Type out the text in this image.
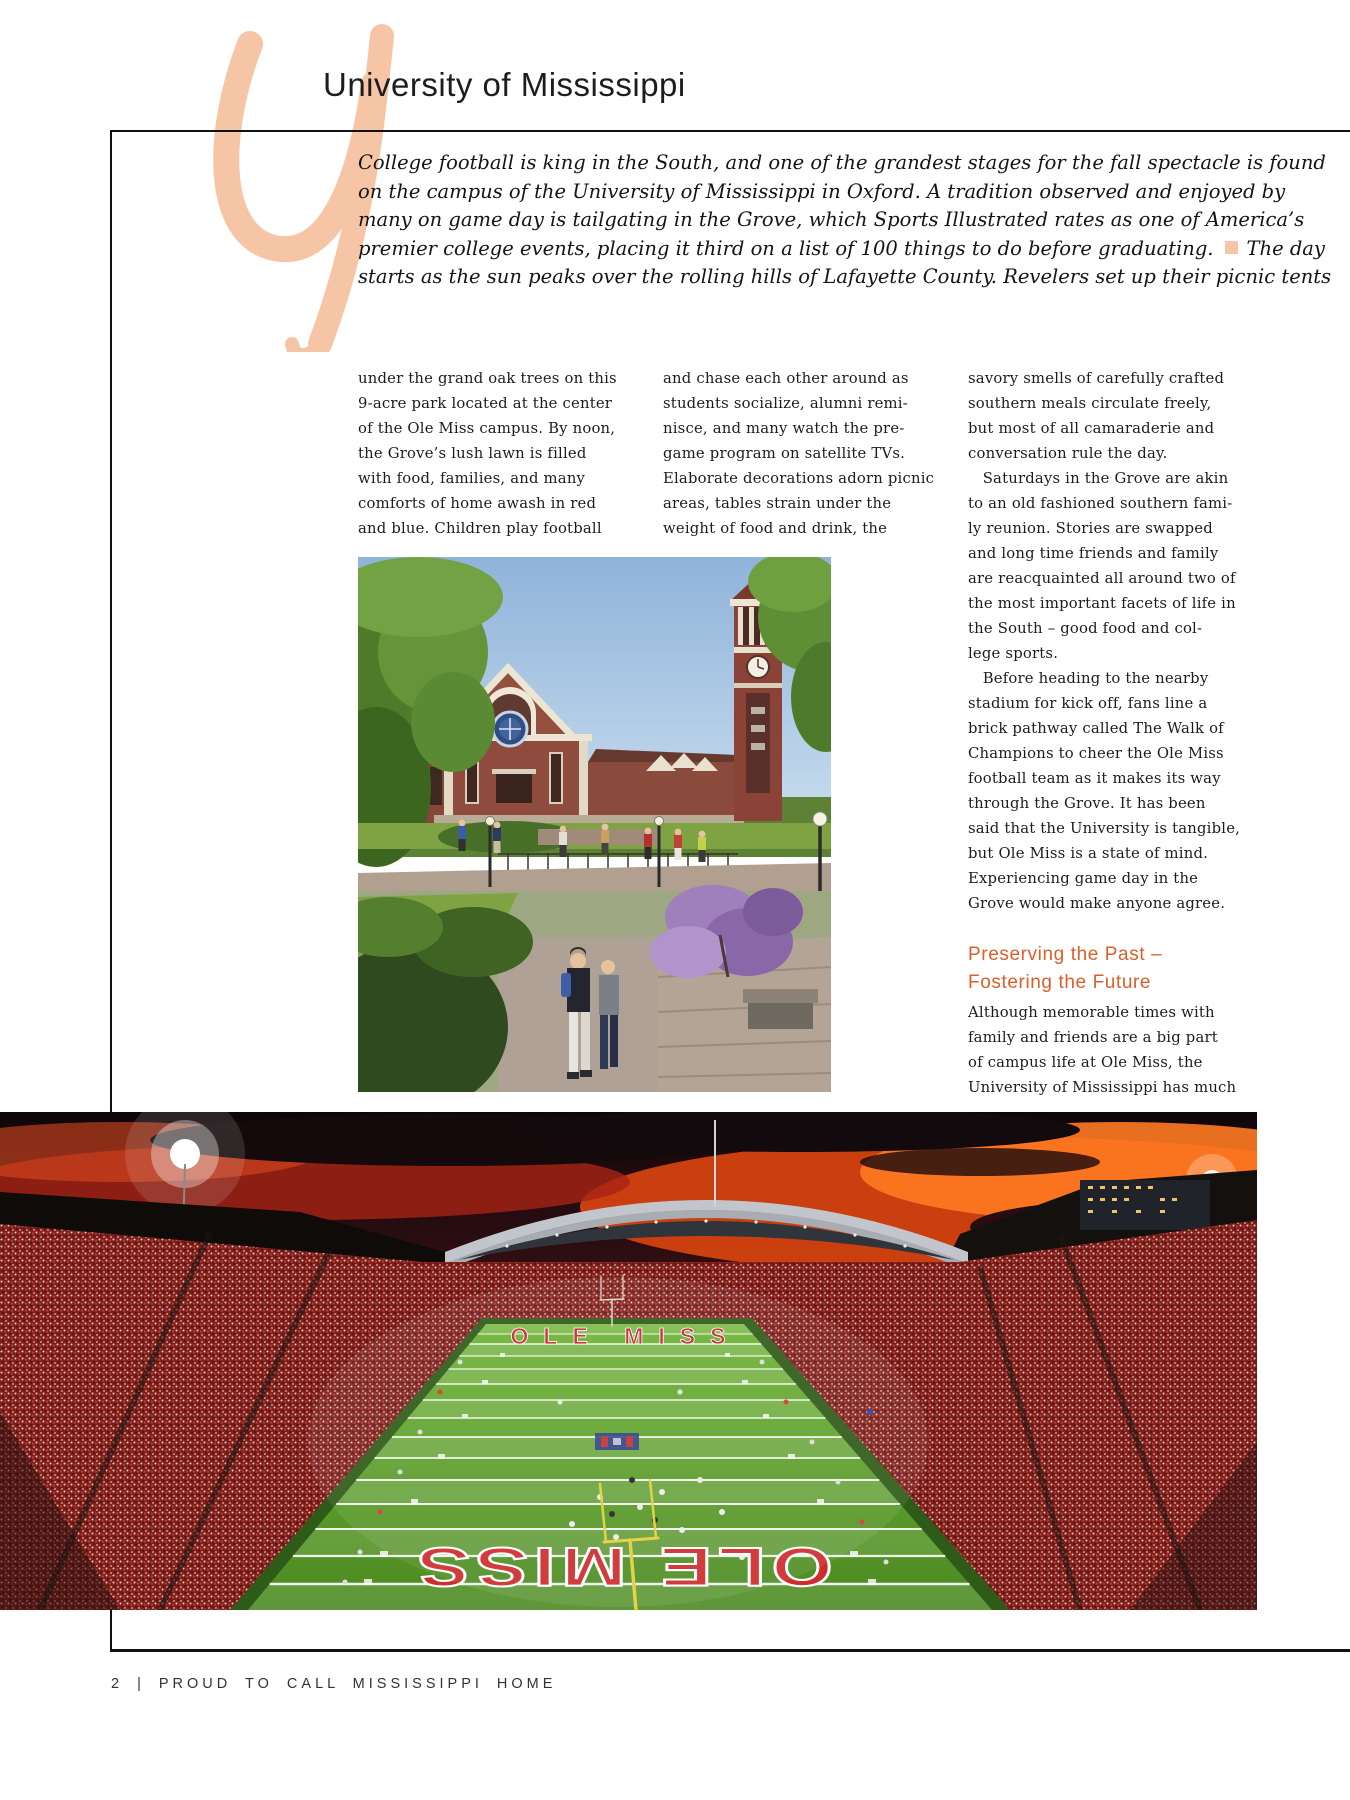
University of Mississippi
College football is king in the South, and one of the grandest stages for the fall spectacle is found
on the campus of the University of Mississippi in Oxford. A tradition observed and enjoyed by
many on game day is tailgating in the Grove, which Sports Illustrated rates as one of America’s
premier college events, placing it third on a list of 100 things to do before graduating. The day
starts as the sun peaks over the rolling hills of Lafayette County. Revelers set up their picnic tents
under the grand oak trees on this
9-acre park located at the center
of the Ole Miss campus. By noon,
the Grove’s lush lawn is filled
with food, families, and many
comforts of home awash in red
and blue. Children play football
and chase each other around as
students socialize, alumni remi-
nisce, and many watch the pre-
game program on satellite TVs.
Elaborate decorations adorn picnic
areas, tables strain under the
weight of food and drink, the
savory smells of carefully crafted
southern meals circulate freely,
but most of all camaraderie and
conversation rule the day.
Saturdays in the Grove are akin
to an old fashioned southern fami-
ly reunion. Stories are swapped
and long time friends and family
are reacquainted all around two of
the most important facets of life in
the South – good food and col-
lege sports.
Before heading to the nearby
stadium for kick off, fans line a
brick pathway called The Walk of
Champions to cheer the Ole Miss
football team as it makes its way
through the Grove. It has been
said that the University is tangible,
but Ole Miss is a state of mind.
Experiencing game day in the
Grove would make anyone agree.
Preserving the Past –
Fostering the Future
Although memorable times with
family and friends are a big part
of campus life at Ole Miss, the
University of Mississippi has much
OLE MISS
OLE MISS
2 | PROUD TO CALL MISSISSIPPI HOME
